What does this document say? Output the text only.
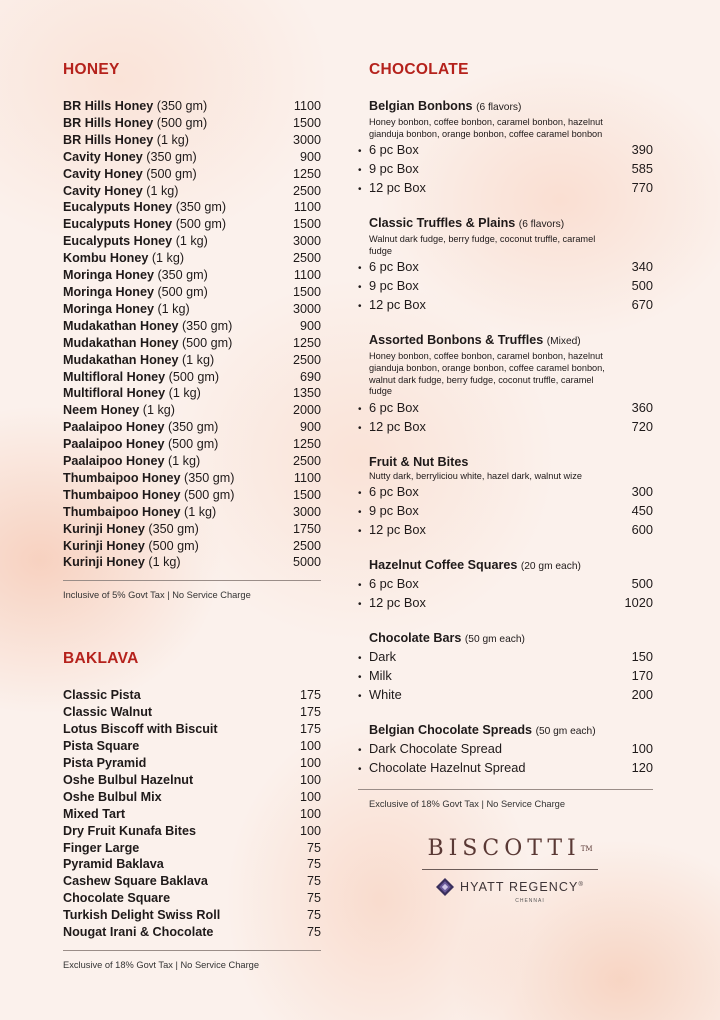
HONEY
BR Hills Honey (350 gm)	1100
BR Hills Honey (500 gm)	1500
BR Hills Honey (1 kg)	3000
Cavity Honey (350 gm)	900
Cavity Honey (500 gm)	1250
Cavity Honey (1 kg)	2500
Eucalyputs Honey (350 gm)	1100
Eucalyputs Honey (500 gm)	1500
Eucalyputs Honey (1 kg)	3000
Kombu Honey (1 kg)	2500
Moringa Honey (350 gm)	1100
Moringa Honey (500 gm)	1500
Moringa Honey (1 kg)	3000
Mudakathan Honey (350 gm)	900
Mudakathan Honey (500 gm)	1250
Mudakathan Honey (1 kg)	2500
Multifloral Honey (500 gm)	690
Multifloral Honey (1 kg)	1350
Neem Honey (1 kg)	2000
Paalaipoo Honey (350 gm)	900
Paalaipoo Honey (500 gm)	1250
Paalaipoo Honey (1 kg)	2500
Thumbaipoo Honey (350 gm)	1100
Thumbaipoo Honey (500 gm)	1500
Thumbaipoo Honey (1 kg)	3000
Kurinji Honey (350 gm)	1750
Kurinji Honey (500 gm)	2500
Kurinji Honey (1 kg)	5000
Inclusive of 5% Govt Tax | No Service Charge
BAKLAVA
Classic Pista	175
Classic Walnut	175
Lotus Biscoff with Biscuit	175
Pista Square	100
Pista Pyramid	100
Oshe Bulbul Hazelnut	100
Oshe Bulbul Mix	100
Mixed Tart	100
Dry Fruit Kunafa Bites	100
Finger Large	75
Pyramid Baklava	75
Cashew Square Baklava	75
Chocolate Square	75
Turkish Delight Swiss Roll	75
Nougat Irani & Chocolate	75
Exclusive of 18% Govt Tax | No Service Charge
CHOCOLATE
Belgian Bonbons (6 flavors)
Honey bonbon, coffee bonbon, caramel bonbon, hazelnut gianduja bonbon, orange bonbon, coffee caramel bonbon
• 6 pc Box	390
• 9 pc Box	585
• 12 pc Box	770
Classic Truffles & Plains (6 flavors)
Walnut dark fudge, berry fudge, coconut truffle, caramel fudge
• 6 pc Box	340
• 9 pc Box	500
• 12 pc Box	670
Assorted Bonbons & Truffles (Mixed)
Honey bonbon, coffee bonbon, caramel bonbon, hazelnut gianduja bonbon, orange bonbon, coffee caramel bonbon, walnut dark fudge, berry fudge, coconut truffle, caramel fudge
• 6 pc Box	360
• 12 pc Box	720
Fruit & Nut Bites
Nutty dark, berryliciou white, hazel dark, walnut wize
• 6 pc Box	300
• 9 pc Box	450
• 12 pc Box	600
Hazelnut Coffee Squares (20 gm each)
• 6 pc Box	500
• 12 pc Box	1020
Chocolate Bars (50 gm each)
• Dark	150
• Milk	170
• White	200
Belgian Chocolate Spreads (50 gm each)
• Dark Chocolate Spread	100
• Chocolate Hazelnut Spread	120
Exclusive of 18% Govt Tax | No Service Charge
BISCOTTI™
HYATT REGENCY®
CHENNAI
